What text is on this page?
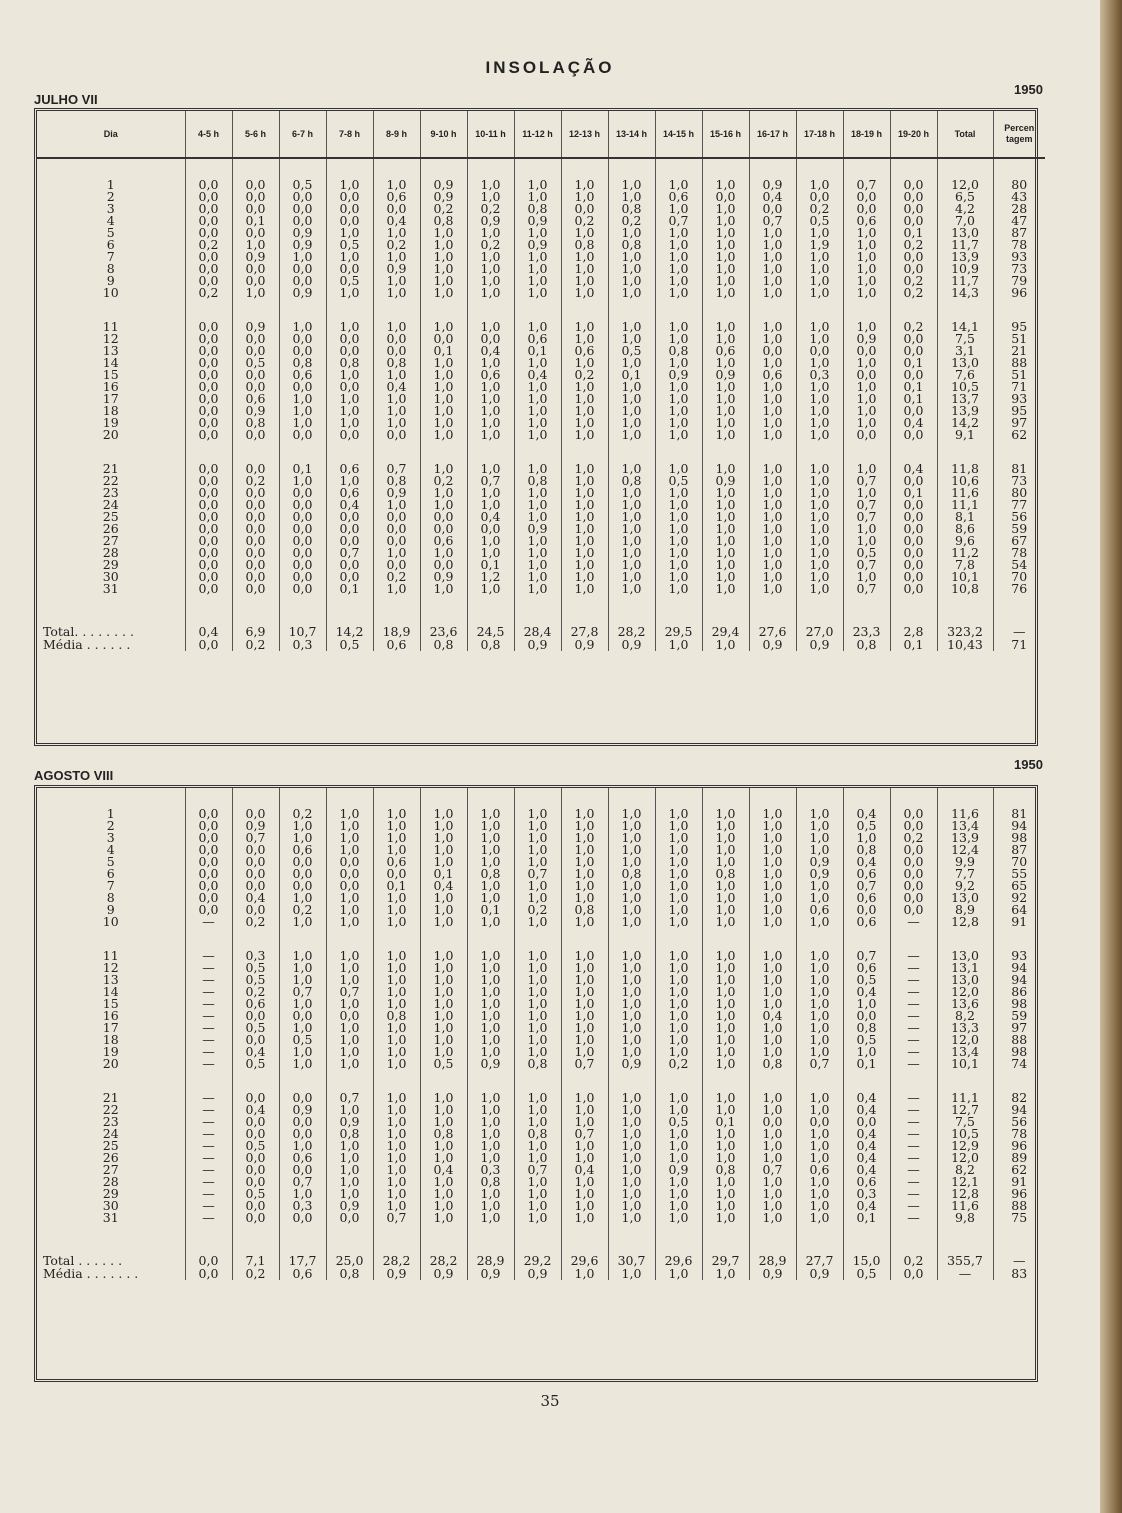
INSOLAÇÃO
JULHO VII
1950
Dia	4-5 h	5-6 h	6-7 h	7-8 h	8-9 h	9-10 h	10-11 h	11-12 h	12-13 h	13-14 h	14-15 h	15-16 h	16-17 h	17-18 h	18-19 h	19-20 h	Total	Percen tagem

1	0,0	0,0	0,5	1,0	1,0	0,9	1,0	1,0	1,0	1,0	1,0	1,0	0,9	1,0	0,7	0,0	12,0	80
2	0,0	0,0	0,0	0,0	0,6	0,9	1,0	1,0	1,0	1,0	0,6	0,0	0,4	0,0	0,0	0,0	6,5	43
3	0,0	0,0	0,0	0,0	0,0	0,2	0,2	0,8	0,0	0,8	1,0	1,0	0,0	0,2	0,0	0,0	4,2	28
4	0,0	0,1	0,0	0,0	0,4	0,8	0,9	0,9	0,2	0,2	0,7	1,0	0,7	0,5	0,6	0,0	7,0	47
5	0,0	0,0	0,9	1,0	1,0	1,0	1,0	1,0	1,0	1,0	1,0	1,0	1,0	1,0	1,0	0,1	13,0	87
6	0,2	1,0	0,9	0,5	0,2	1,0	0,2	0,9	0,8	0,8	1,0	1,0	1,0	1,9	1,0	0,2	11,7	78
7	0,0	0,9	1,0	1,0	1,0	1,0	1,0	1,0	1,0	1,0	1,0	1,0	1,0	1,0	1,0	0,0	13,9	93
8	0,0	0,0	0,0	0,0	0,9	1,0	1,0	1,0	1,0	1,0	1,0	1,0	1,0	1,0	1,0	0,0	10,9	73
9	0,0	0,0	0,0	0,5	1,0	1,0	1,0	1,0	1,0	1,0	1,0	1,0	1,0	1,0	1,0	0,2	11,7	79
10	0,2	1,0	0,9	1,0	1,0	1,0	1,0	1,0	1,0	1,0	1,0	1,0	1,0	1,0	1,0	0,2	14,3	96

11	0,0	0,9	1,0	1,0	1,0	1,0	1,0	1,0	1,0	1,0	1,0	1,0	1,0	1,0	1,0	0,2	14,1	95
12	0,0	0,0	0,0	0,0	0,0	0,0	0,0	0,6	1,0	1,0	1,0	1,0	1,0	1,0	0,9	0,0	7,5	51
13	0,0	0,0	0,0	0,0	0,0	0,1	0,4	0,1	0,6	0,5	0,8	0,6	0,0	0,0	0,0	0,0	3,1	21
14	0,0	0,5	0,8	0,8	0,8	1,0	1,0	1,0	1,0	1,0	1,0	1,0	1,0	1,0	1,0	0,1	13,0	88
15	0,0	0,0	0,6	1,0	1,0	1,0	0,6	0,4	0,2	0,1	0,9	0,9	0,6	0,3	0,0	0,0	7,6	51
16	0,0	0,0	0,0	0,0	0,4	1,0	1,0	1,0	1,0	1,0	1,0	1,0	1,0	1,0	1,0	0,1	10,5	71
17	0,0	0,6	1,0	1,0	1,0	1,0	1,0	1,0	1,0	1,0	1,0	1,0	1,0	1,0	1,0	0,1	13,7	93
18	0,0	0,9	1,0	1,0	1,0	1,0	1,0	1,0	1,0	1,0	1,0	1,0	1,0	1,0	1,0	0,0	13,9	95
19	0,0	0,8	1,0	1,0	1,0	1,0	1,0	1,0	1,0	1,0	1,0	1,0	1,0	1,0	1,0	0,4	14,2	97
20	0,0	0,0	0,0	0,0	0,0	1,0	1,0	1,0	1,0	1,0	1,0	1,0	1,0	1,0	0,0	0,0	9,1	62

21	0,0	0,0	0,1	0,6	0,7	1,0	1,0	1,0	1,0	1,0	1,0	1,0	1,0	1,0	1,0	0,4	11,8	81
22	0,0	0,2	1,0	1,0	0,8	0,2	0,7	0,8	1,0	0,8	0,5	0,9	1,0	1,0	0,7	0,0	10,6	73
23	0,0	0,0	0,0	0,6	0,9	1,0	1,0	1,0	1,0	1,0	1,0	1,0	1,0	1,0	1,0	0,1	11,6	80
24	0,0	0,0	0,0	0,4	1,0	1,0	1,0	1,0	1,0	1,0	1,0	1,0	1,0	1,0	0,7	0,0	11,1	77
25	0,0	0,0	0,0	0,0	0,0	0,0	0,4	1,0	1,0	1,0	1,0	1,0	1,0	1,0	0,7	0,0	8,1	56
26	0,0	0,0	0,0	0,0	0,0	0,0	0,0	0,9	1,0	1,0	1,0	1,0	1,0	1,0	1,0	0,0	8,6	59
27	0,0	0,0	0,0	0,0	0,0	0,6	1,0	1,0	1,0	1,0	1,0	1,0	1,0	1,0	1,0	0,0	9,6	67
28	0,0	0,0	0,0	0,7	1,0	1,0	1,0	1,0	1,0	1,0	1,0	1,0	1,0	1,0	0,5	0,0	11,2	78
29	0,0	0,0	0,0	0,0	0,0	0,0	0,1	1,0	1,0	1,0	1,0	1,0	1,0	1,0	0,7	0,0	7,8	54
30	0,0	0,0	0,0	0,0	0,2	0,9	1,2	1,0	1,0	1,0	1,0	1,0	1,0	1,0	1,0	0,0	10,1	70
31	0,0	0,0	0,0	0,1	1,0	1,0	1,0	1,0	1,0	1,0	1,0	1,0	1,0	1,0	0,7	0,0	10,8	76

Total. . . . . . . .	0,4	6,9	10,7	14,2	18,9	23,6	24,5	28,4	27,8	28,2	29,5	29,4	27,6	27,0	23,3	2,8	323,2	—
Média . . . . . .	0,0	0,2	0,3	0,5	0,6	0,8	0,8	0,9	0,9	0,9	1,0	1,0	0,9	0,9	0,8	0,1	10,43	71
AGOSTO VIII
1950

1	0,0	0,0	0,2	1,0	1,0	1,0	1,0	1,0	1,0	1,0	1,0	1,0	1,0	1,0	0,4	0,0	11,6	81
2	0,0	0,9	1,0	1,0	1,0	1,0	1,0	1,0	1,0	1,0	1,0	1,0	1,0	1,0	0,5	0,0	13,4	94
3	0,0	0,7	1,0	1,0	1,0	1,0	1,0	1,0	1,0	1,0	1,0	1,0	1,0	1,0	1,0	0,2	13,9	98
4	0,0	0,0	0,6	1,0	1,0	1,0	1,0	1,0	1,0	1,0	1,0	1,0	1,0	1,0	0,8	0,0	12,4	87
5	0,0	0,0	0,0	0,0	0,6	1,0	1,0	1,0	1,0	1,0	1,0	1,0	1,0	0,9	0,4	0,0	9,9	70
6	0,0	0,0	0,0	0,0	0,0	0,1	0,8	0,7	1,0	0,8	1,0	0,8	1,0	0,9	0,6	0,0	7,7	55
7	0,0	0,0	0,0	0,0	0,1	0,4	1,0	1,0	1,0	1,0	1,0	1,0	1,0	1,0	0,7	0,0	9,2	65
8	0,0	0,4	1,0	1,0	1,0	1,0	1,0	1,0	1,0	1,0	1,0	1,0	1,0	1,0	0,6	0,0	13,0	92
9	0,0	0,0	0,2	1,0	1,0	1,0	0,1	0,2	0,8	1,0	1,0	1,0	1,0	0,6	0,0	0,0	8,9	64
10	—	0,2	1,0	1,0	1,0	1,0	1,0	1,0	1,0	1,0	1,0	1,0	1,0	1,0	0,6	—	12,8	91

11	—	0,3	1,0	1,0	1,0	1,0	1,0	1,0	1,0	1,0	1,0	1,0	1,0	1,0	0,7	—	13,0	93
12	—	0,5	1,0	1,0	1,0	1,0	1,0	1,0	1,0	1,0	1,0	1,0	1,0	1,0	0,6	—	13,1	94
13	—	0,5	1,0	1,0	1,0	1,0	1,0	1,0	1,0	1,0	1,0	1,0	1,0	1,0	0,5	—	13,0	94
14	—	0,2	0,7	0,7	1,0	1,0	1,0	1,0	1,0	1,0	1,0	1,0	1,0	1,0	0,4	—	12,0	86
15	—	0,6	1,0	1,0	1,0	1,0	1,0	1,0	1,0	1,0	1,0	1,0	1,0	1,0	1,0	—	13,6	98
16	—	0,0	0,0	0,0	0,8	1,0	1,0	1,0	1,0	1,0	1,0	1,0	0,4	1,0	0,0	—	8,2	59
17	—	0,5	1,0	1,0	1,0	1,0	1,0	1,0	1,0	1,0	1,0	1,0	1,0	1,0	0,8	—	13,3	97
18	—	0,0	0,5	1,0	1,0	1,0	1,0	1,0	1,0	1,0	1,0	1,0	1,0	1,0	0,5	—	12,0	88
19	—	0,4	1,0	1,0	1,0	1,0	1,0	1,0	1,0	1,0	1,0	1,0	1,0	1,0	1,0	—	13,4	98
20	—	0,5	1,0	1,0	1,0	0,5	0,9	0,8	0,7	0,9	0,2	1,0	0,8	0,7	0,1	—	10,1	74

21	—	0,0	0,0	0,7	1,0	1,0	1,0	1,0	1,0	1,0	1,0	1,0	1,0	1,0	0,4	—	11,1	82
22	—	0,4	0,9	1,0	1,0	1,0	1,0	1,0	1,0	1,0	1,0	1,0	1,0	1,0	0,4	—	12,7	94
23	—	0,0	0,0	0,9	1,0	1,0	1,0	1,0	1,0	1,0	0,5	0,1	0,0	0,0	0,0	—	7,5	56
24	—	0,0	0,0	0,8	1,0	0,8	1,0	0,8	0,7	1,0	1,0	1,0	1,0	1,0	0,4	—	10,5	78
25	—	0,5	1,0	1,0	1,0	1,0	1,0	1,0	1,0	1,0	1,0	1,0	1,0	1,0	0,4	—	12,9	96
26	—	0,0	0,6	1,0	1,0	1,0	1,0	1,0	1,0	1,0	1,0	1,0	1,0	1,0	0,4	—	12,0	89
27	—	0,0	0,0	1,0	1,0	0,4	0,3	0,7	0,4	1,0	0,9	0,8	0,7	0,6	0,4	—	8,2	62
28	—	0,0	0,7	1,0	1,0	1,0	0,8	1,0	1,0	1,0	1,0	1,0	1,0	1,0	0,6	—	12,1	91
29	—	0,5	1,0	1,0	1,0	1,0	1,0	1,0	1,0	1,0	1,0	1,0	1,0	1,0	0,3	—	12,8	96
30	—	0,0	0,3	0,9	1,0	1,0	1,0	1,0	1,0	1,0	1,0	1,0	1,0	1,0	0,4	—	11,6	88
31	—	0,0	0,0	0,0	0,7	1,0	1,0	1,0	1,0	1,0	1,0	1,0	1,0	1,0	0,1	—	9,8	75

Total . . . . . .	0,0	7,1	17,7	25,0	28,2	28,2	28,9	29,2	29,6	30,7	29,6	29,7	28,9	27,7	15,0	0,2	355,7	—
Média . . . . . . .	0,0	0,2	0,6	0,8	0,9	0,9	0,9	0,9	1,0	1,0	1,0	1,0	0,9	0,9	0,5	0,0	—	83
35
